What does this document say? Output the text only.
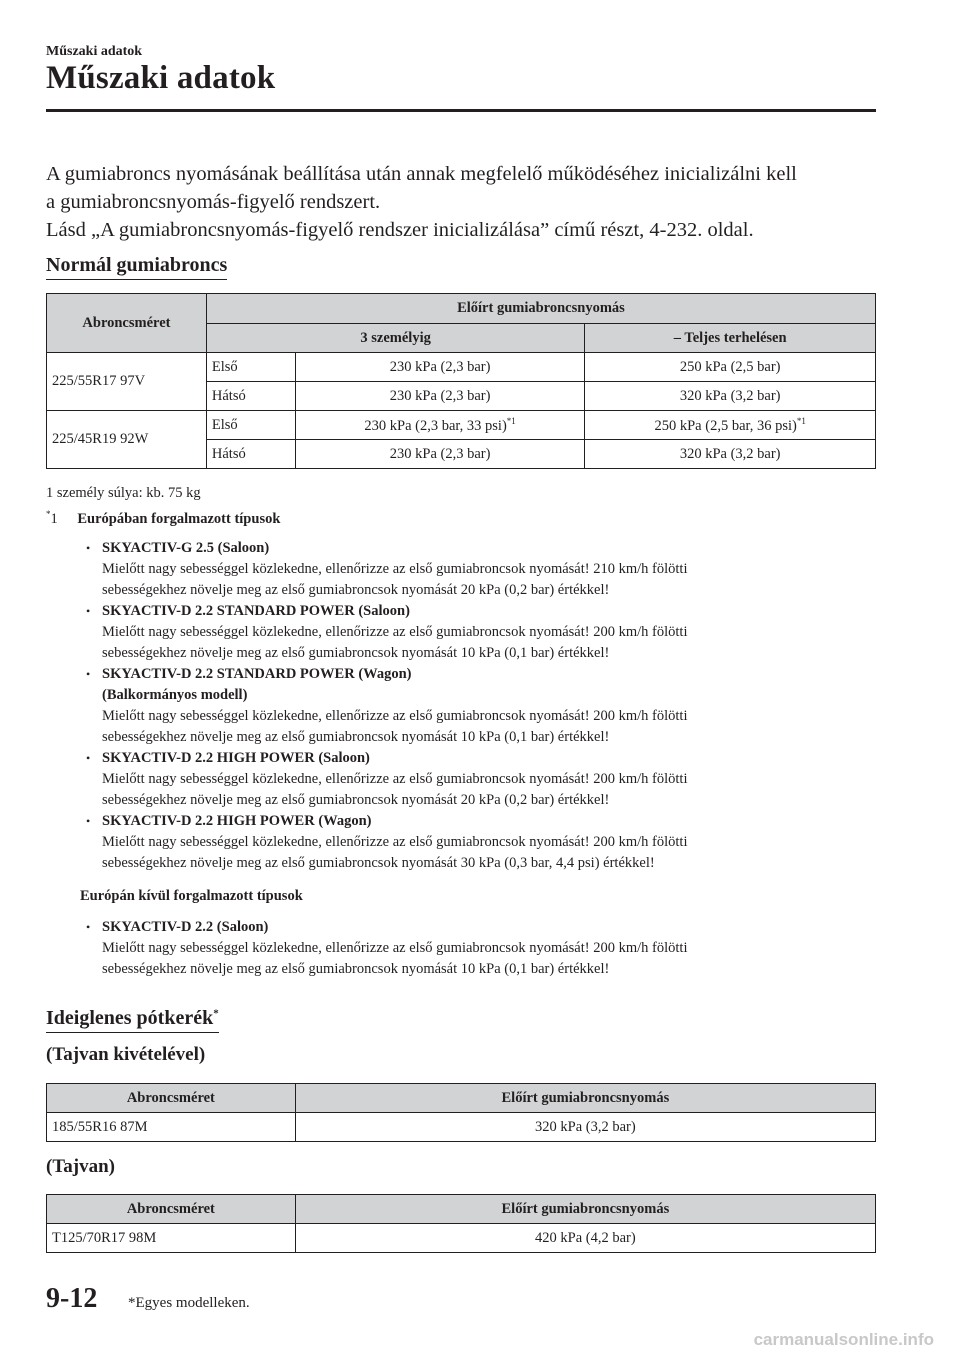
Műszaki adatok
Műszaki adatok

A gumiabroncs nyomásának beállítása után annak megfelelő működéséhez inicializálni kell

a gumiabroncsnyomás-figyelő rendszert.

Lásd „A gumiabroncsnyomás-figyelő rendszer inicializálása” című részt, 4-232. oldal.

Normál gumiabroncs
Abroncsméret	Előírt gumiabroncsnyomás		
	3 személyig		– Teljes terhelésen
225/55R17 97V	Első	230 kPa (2,3 bar)	250 kPa (2,5 bar)
	Hátsó	230 kPa (2,3 bar)	320 kPa (3,2 bar)
225/45R19 92W	Első	230 kPa (2,3 bar, 33 psi)$^{*1}$	250 kPa (2,5 bar, 36 psi)$^{*1}$
	Hátsó	230 kPa (2,3 bar)	320 kPa (3,2 bar)
1 személy súlya: kb. 75 kg
*1 Európában forgalmazott típusok
• SKYACTIV-G 2.5 (Saloon)
Mielőtt nagy sebességgel közlekedne, ellenőrizze az első gumiabroncsok nyomását! 210 km/h fölötti
sebességekhez növelje meg az első gumiabroncsok nyomását 20 kPa (0,2 bar) értékkel!
• SKYACTIV-D 2.2 STANDARD POWER (Saloon)
Mielőtt nagy sebességgel közlekedne, ellenőrizze az első gumiabroncsok nyomását! 200 km/h fölötti
sebességekhez növelje meg az első gumiabroncsok nyomását 10 kPa (0,1 bar) értékkel!
• SKYACTIV-D 2.2 STANDARD POWER (Wagon)
(Balkormányos modell)
Mielőtt nagy sebességgel közlekedne, ellenőrizze az első gumiabroncsok nyomását! 200 km/h fölötti
sebességekhez növelje meg az első gumiabroncsok nyomását 10 kPa (0,1 bar) értékkel!
• SKYACTIV-D 2.2 HIGH POWER (Saloon)
Mielőtt nagy sebességgel közlekedne, ellenőrizze az első gumiabroncsok nyomását! 200 km/h fölötti
sebességekhez növelje meg az első gumiabroncsok nyomását 20 kPa (0,2 bar) értékkel!
• SKYACTIV-D 2.2 HIGH POWER (Wagon)
Mielőtt nagy sebességgel közlekedne, ellenőrizze az első gumiabroncsok nyomását! 200 km/h fölötti
sebességekhez növelje meg az első gumiabroncsok nyomását 30 kPa (0,3 bar, 4,4 psi) értékkel!
Európán kívül forgalmazott típusok
• SKYACTIV-D 2.2 (Saloon)
Mielőtt nagy sebességgel közlekedne, ellenőrizze az első gumiabroncsok nyomását! 200 km/h fölötti
sebességekhez növelje meg az első gumiabroncsok nyomását 10 kPa (0,1 bar) értékkel!
Ideiglenes pótkerék*
(Tajvan kivételével)
Abroncsméret	Előírt gumiabroncsnyomás
185/55R16 87M	320 kPa (3,2 bar)
(Tajvan)
Abroncsméret	Előírt gumiabroncsnyomás
T125/70R17 98M	420 kPa (4,2 bar)
9-12 *Egyes modelleken.
carmanualsonline.info
